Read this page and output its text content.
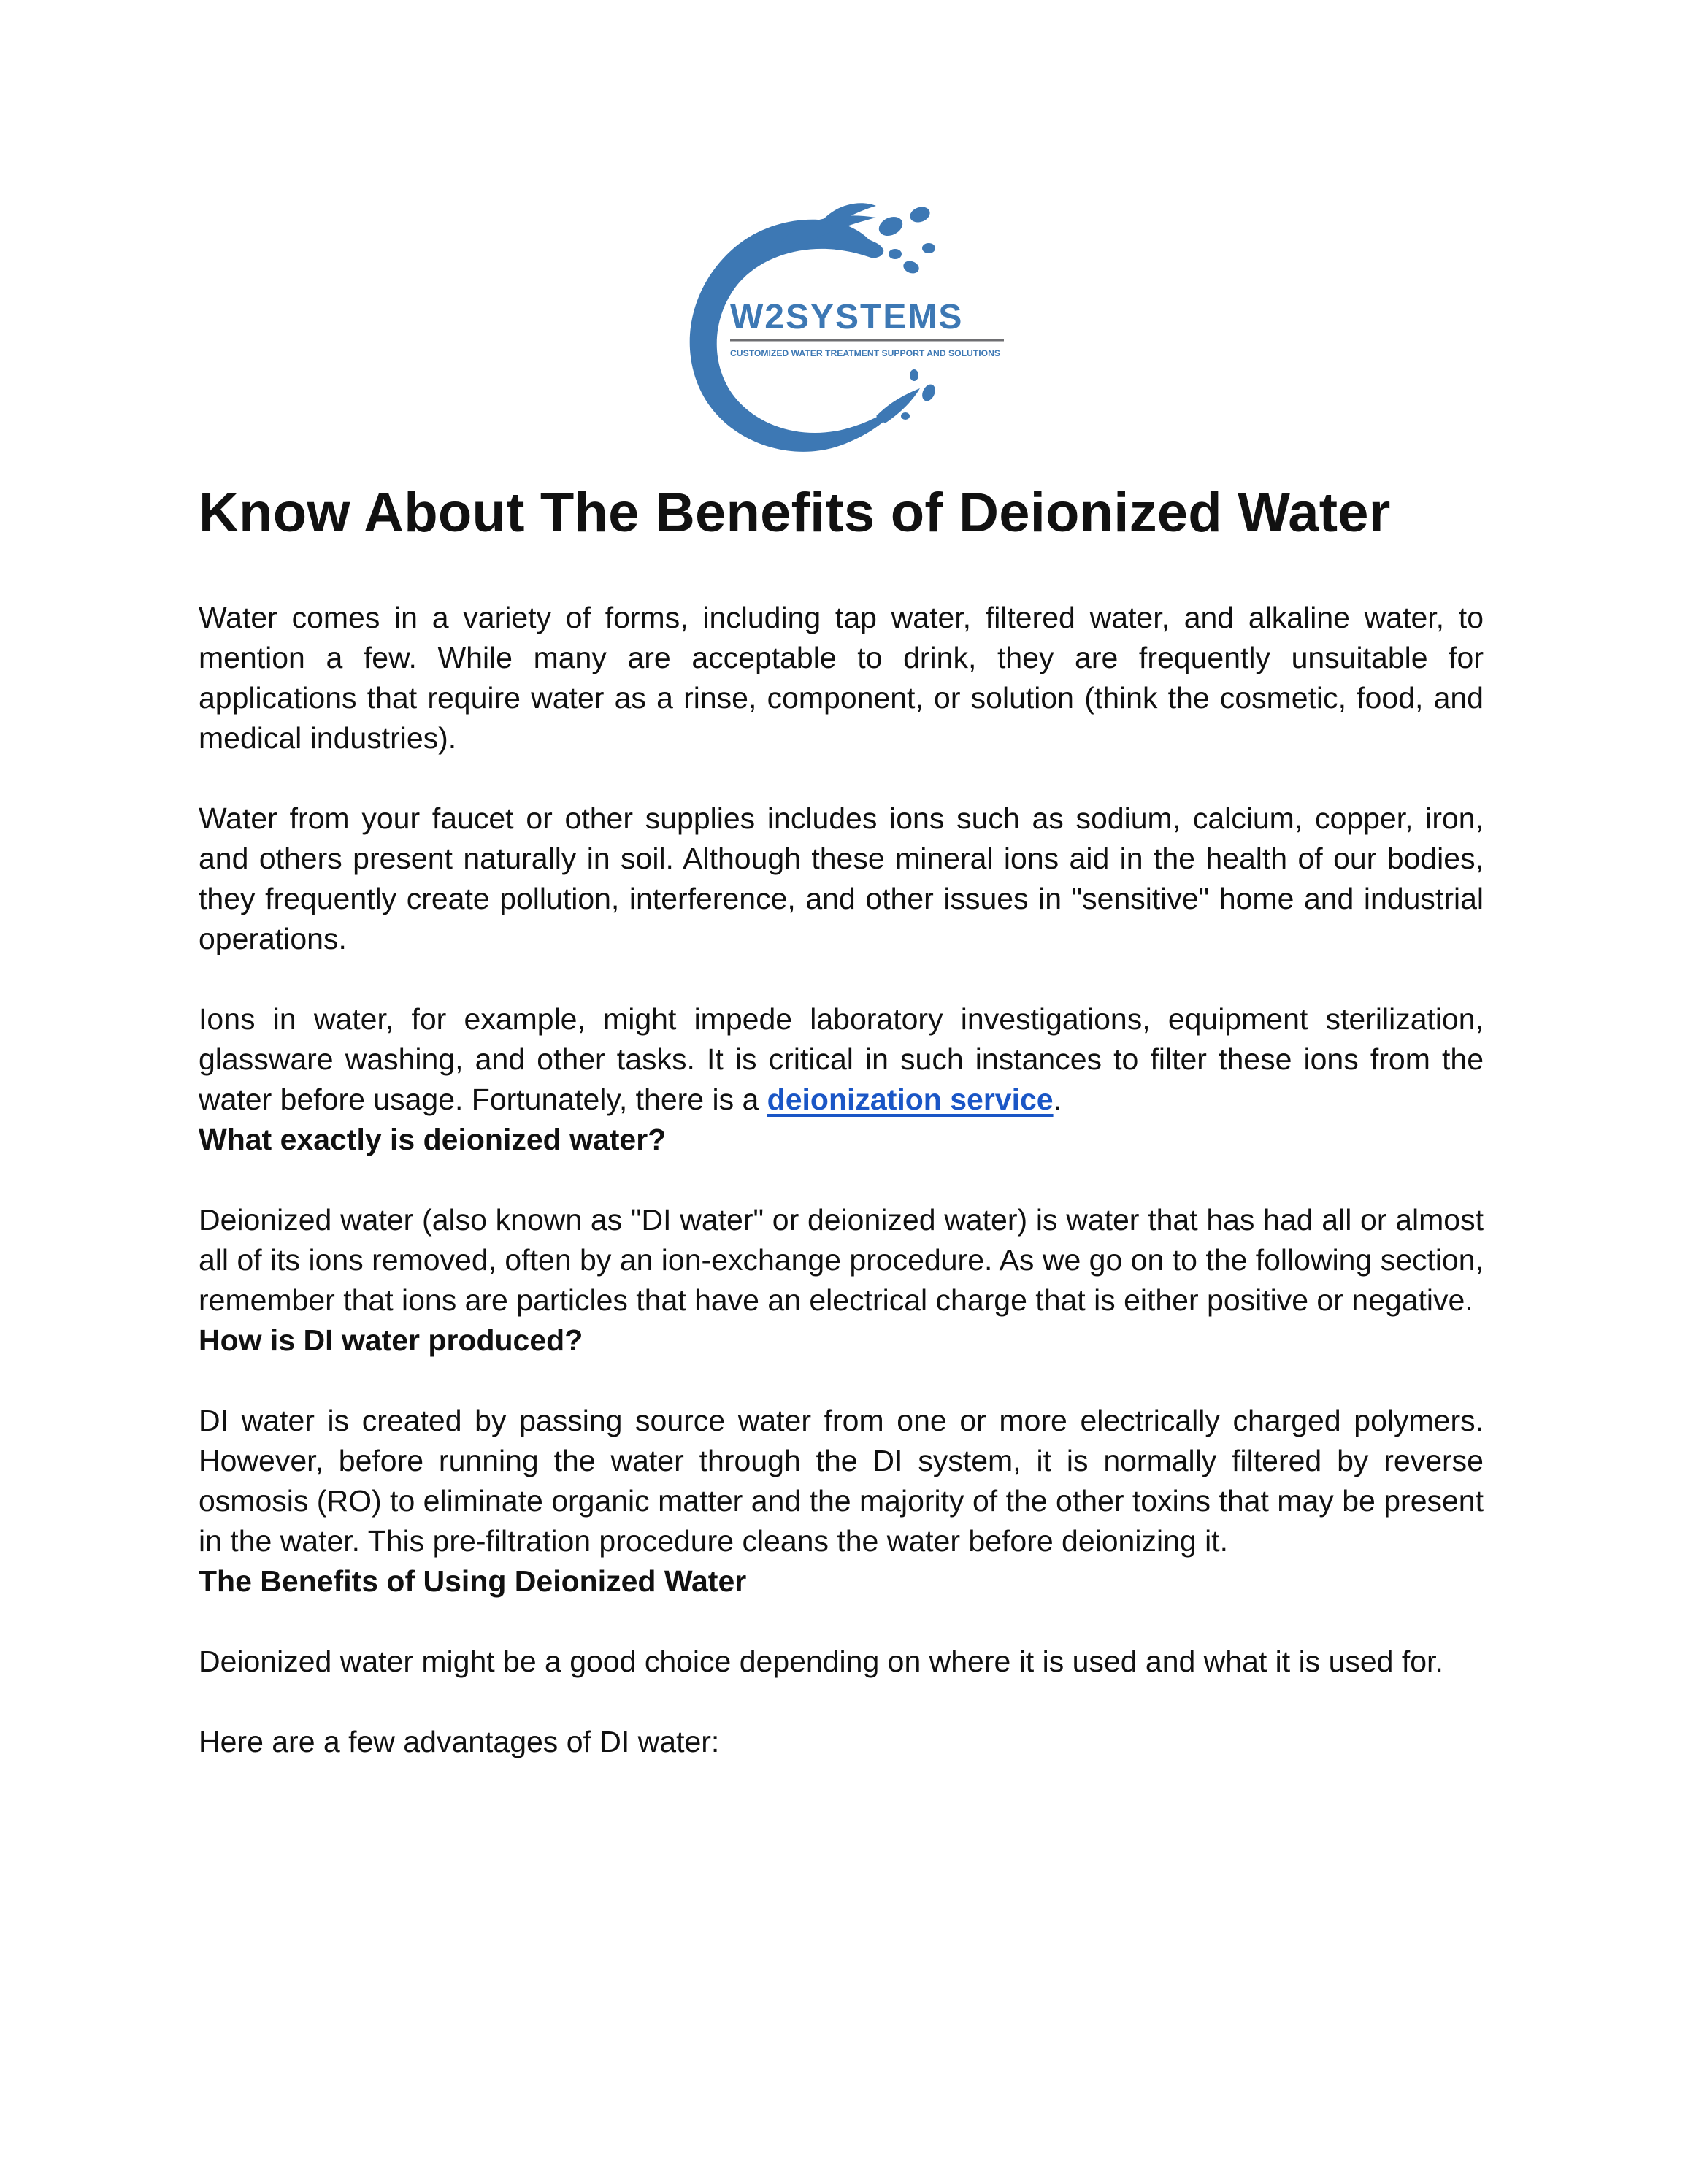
W2SYSTEMS
CUSTOMIZED WATER TREATMENT SUPPORT AND SOLUTIONS
Know About The Benefits of Deionized Water

Water comes in a variety of forms, including tap water, filtered water, and alkaline water, to mention a few. While many are acceptable to drink, they are frequently unsuitable for applications that require water as a rinse, component, or solution (think the cosmetic, food, and medical industries).

Water from your faucet or other supplies includes ions such as sodium, calcium, copper, iron, and others present naturally in soil. Although these mineral ions aid in the health of our bodies, they frequently create pollution, interference, and other issues in "sensitive" home and industrial operations.

Ions in water, for example, might impede laboratory investigations, equipment sterilization, glassware washing, and other tasks. It is critical in such instances to filter these ions from the water before usage. Fortunately, there is a deionization service.

What exactly is deionized water?

Deionized water (also known as "DI water" or deionized water) is water that has had all or almost all of its ions removed, often by an ion-exchange procedure. As we go on to the following section, remember that ions are particles that have an electrical charge that is either positive or negative.

How is DI water produced?

DI water is created by passing source water from one or more electrically charged polymers. However, before running the water through the DI system, it is normally filtered by reverse osmosis (RO) to eliminate organic matter and the majority of the other toxins that may be present in the water. This pre-filtration procedure cleans the water before deionizing it.

The Benefits of Using Deionized Water

Deionized water might be a good choice depending on where it is used and what it is used for.

Here are a few advantages of DI water:
